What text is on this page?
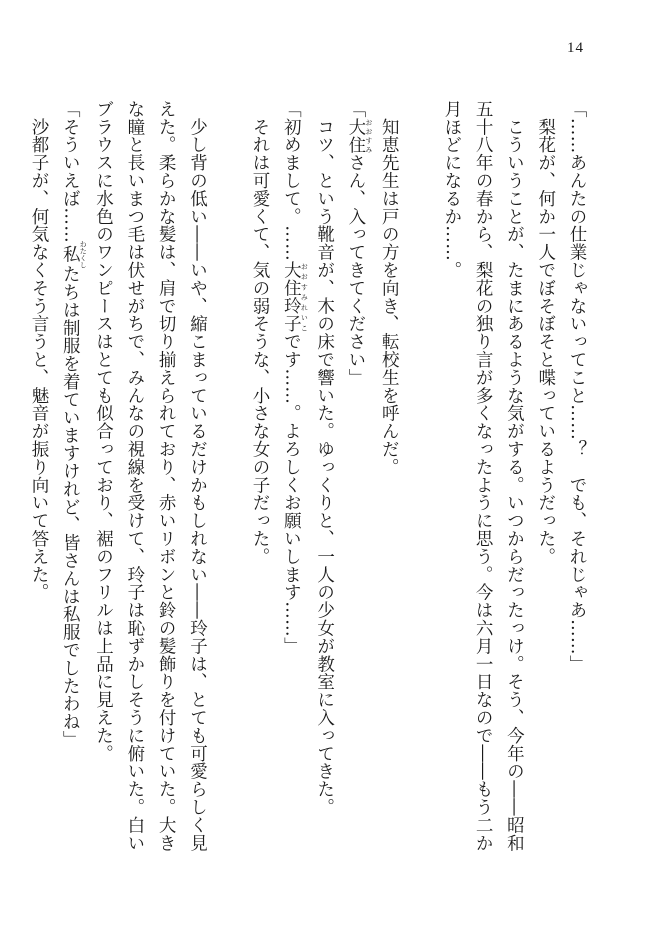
14
「……あんたの仕業じゃないってこと……？　でも、それじゃあ……」
　梨花が、何か一人でぼそぼそと喋っているようだった。
　こういうことが、たまにあるような気がする。いつからだったっけ。そう、今年の――昭和
五十八年の春から、梨花の独り言が多くなったように思う。今は六月一日なので――もう二か
月ほどになるか……。
　知恵先生は戸の方を向き、転校生を呼んだ。
「大住 おおすみさん、入ってきてください」
　コツ、という靴音が、木の床で響いた。ゆっくりと、一人の少女が教室に入ってきた。
「初めまして。……大住玲子 おおすみれいこです……。よろしくお願いします……」
　それは可愛くて、気の弱そうな、小さな女の子だった。
　少し背の低い――いや、縮こまっているだけかもしれない――玲子は、とても可愛らしく見
えた。柔らかな髪は、肩で切り揃えられており、赤いリボンと鈴の髪飾りを付けていた。大き
な瞳と長いまつ毛は伏せがちで、みんなの視線を受けて、玲子は恥ずかしそうに俯いた。白い
ブラウスに水色のワンピースはとても似合っており、裾のフリルは上品に見えた。
「そういえば……私 わたくしたちは制服を着ていますけれど、皆さんは私服でしたわね」
　沙都子が、何気なくそう言うと、魅音が振り向いて答えた。
